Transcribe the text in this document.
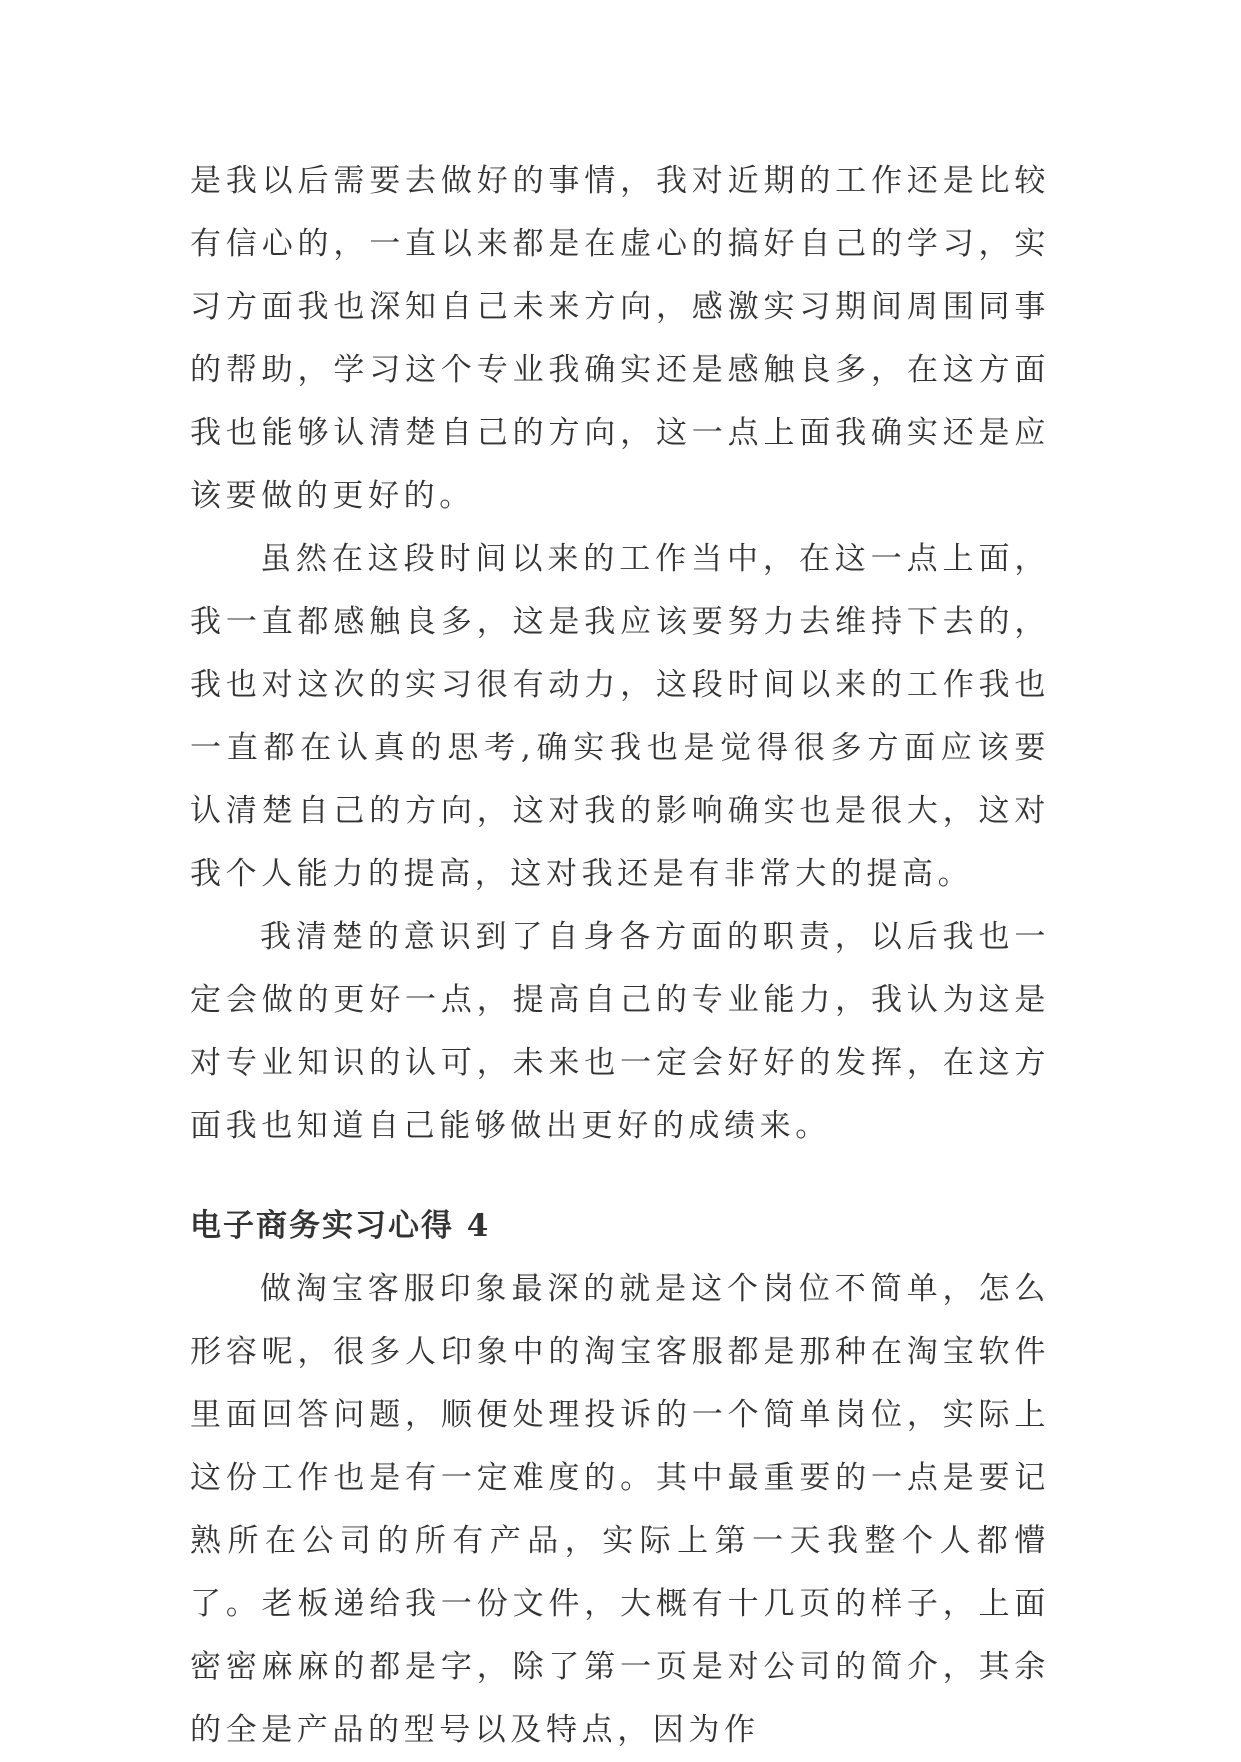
是我以后需要去做好的事情，我对近期的工作还是比较有信心的，一直以来都是在虚心的搞好自己的学习，实习方面我也深知自己未来方向，感激实习期间周围同事的帮助，学习这个专业我确实还是感触良多，在这方面我也能够认清楚自己的方向，这一点上面我确实还是应该要做的更好的。

虽然在这段时间以来的工作当中，在这一点上面，我一直都感触良多，这是我应该要努力去维持下去的，我也对这次的实习很有动力，这段时间以来的工作我也一直都在认真的思考,确实我也是觉得很多方面应该要认清楚自己的方向，这对我的影响确实也是很大，这对我个人能力的提高，这对我还是有非常大的提高。

我清楚的意识到了自身各方面的职责，以后我也一定会做的更好一点，提高自己的专业能力，我认为这是对专业知识的认可，未来也一定会好好的发挥，在这方面我也知道自己能够做出更好的成绩来。

电子商务实习心得 4

做淘宝客服印象最深的就是这个岗位不简单，怎么形容呢，很多人印象中的淘宝客服都是那种在淘宝软件里面回答问题，顺便处理投诉的一个简单岗位，实际上这份工作也是有一定难度的。其中最重要的一点是要记熟所在公司的所有产品，实际上第一天我整个人都懵了。老板递给我一份文件，大概有十几页的样子，上面密密麻麻的都是字，除了第一页是对公司的简介，其余的全是产品的型号以及特点，因为作
